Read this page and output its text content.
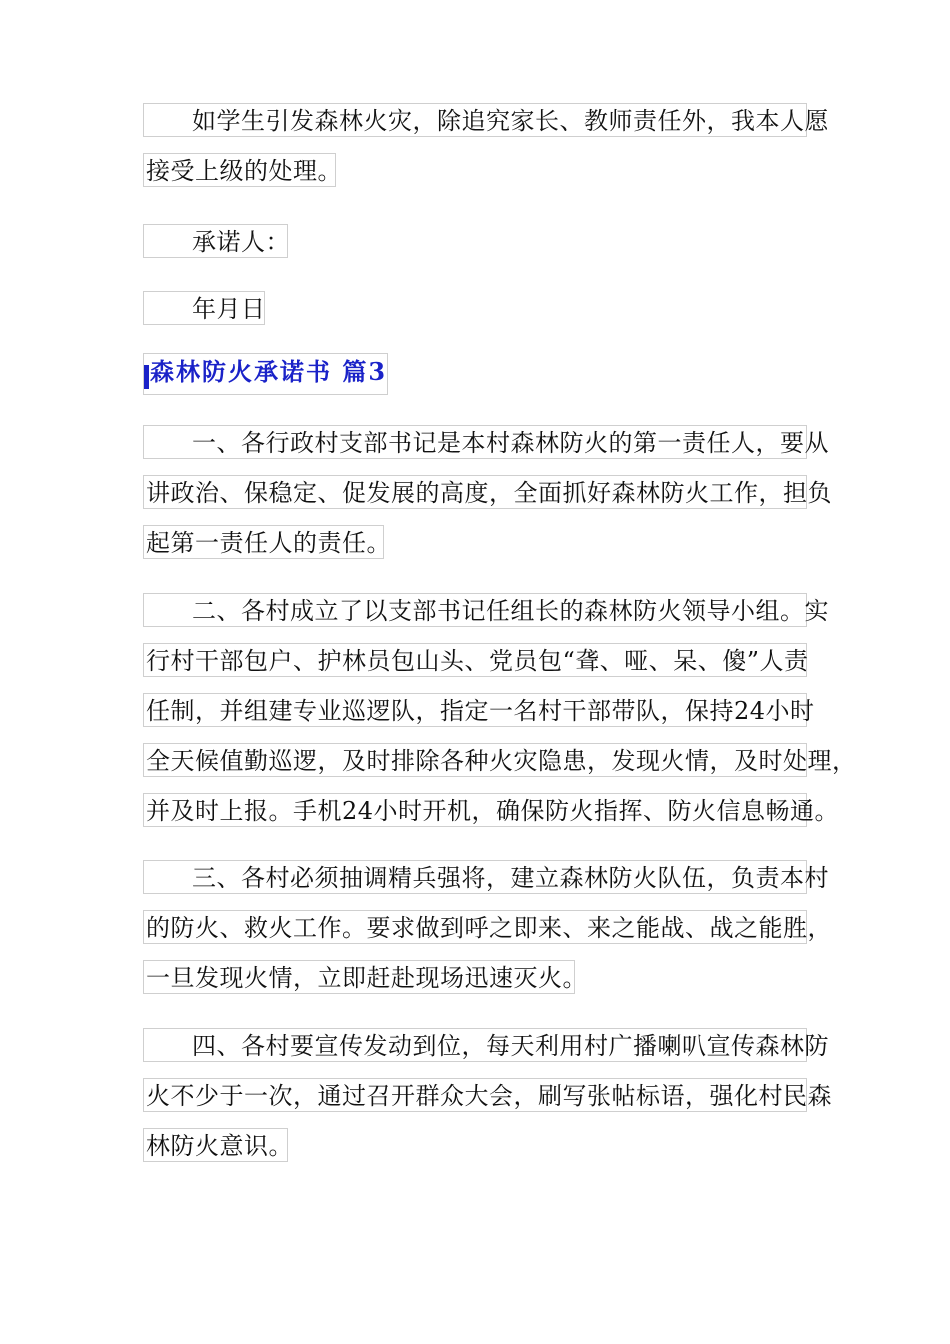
如学生引发森林火灾，除追究家长、教师责任外，我本人愿
接受上级的处理。
承诺人：
年月日
森林防火承诺书 篇3
一、各行政村支部书记是本村森林防火的第一责任人，要从
讲政治、保稳定、促发展的高度，全面抓好森林防火工作，担负
起第一责任人的责任。
二、各村成立了以支部书记任组长的森林防火领导小组。实
行村干部包户、护林员包山头、党员包“聋、哑、呆、傻”人责
任制，并组建专业巡逻队，指定一名村干部带队，保持24小时
全天候值勤巡逻，及时排除各种火灾隐患，发现火情，及时处理，
并及时上报。手机24小时开机，确保防火指挥、防火信息畅通。
三、各村必须抽调精兵强将，建立森林防火队伍，负责本村
的防火、救火工作。要求做到呼之即来、来之能战、战之能胜，
一旦发现火情，立即赶赴现场迅速灭火。
四、各村要宣传发动到位，每天利用村广播喇叭宣传森林防
火不少于一次，通过召开群众大会，刷写张帖标语，强化村民森
林防火意识。
